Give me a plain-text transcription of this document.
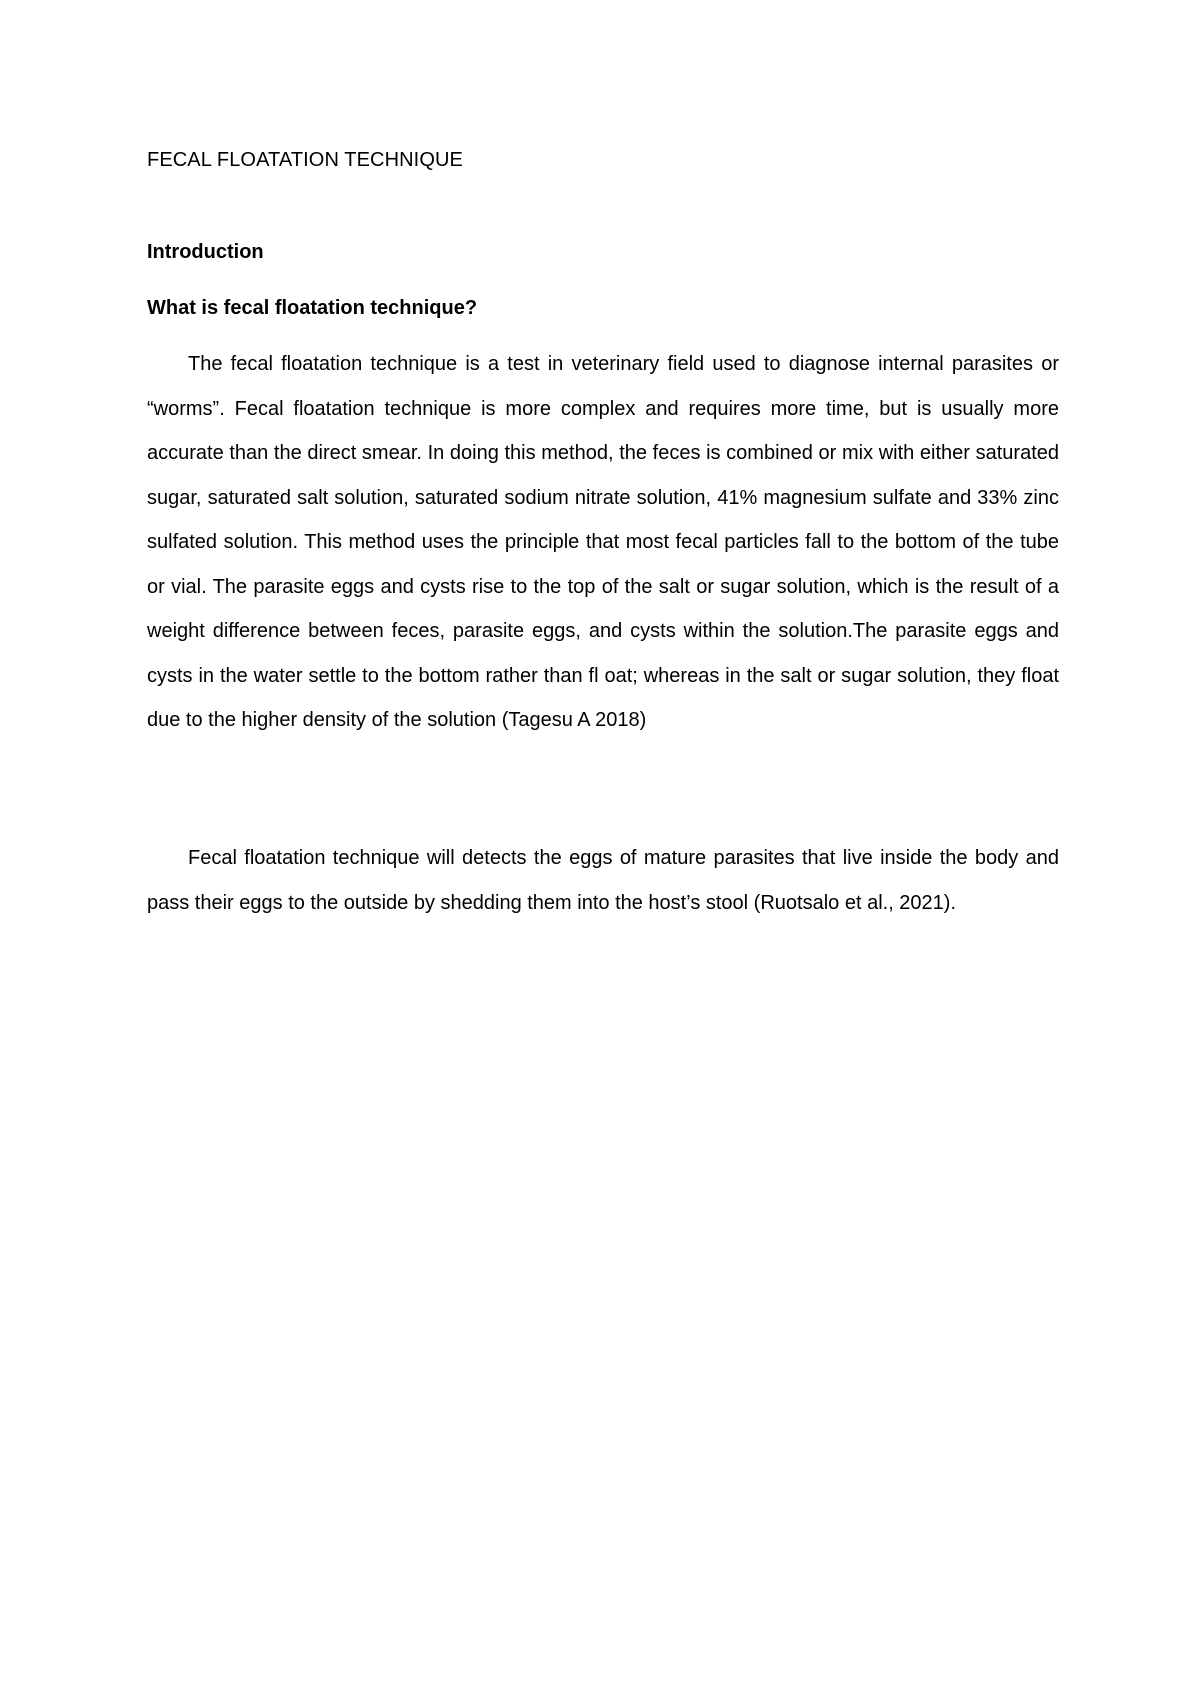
FECAL FLOATATION TECHNIQUE
Introduction
What is fecal floatation technique?

The fecal floatation technique is a test in veterinary field used to diagnose internal parasites or “worms”. Fecal floatation technique is more complex and requires more time, but is usually more accurate than the direct smear. In doing this method, the feces is combined or mix with either saturated sugar, saturated salt solution, saturated sodium nitrate solution, 41% magnesium sulfate and 33% zinc sulfated solution. This method uses the principle that most fecal particles fall to the bottom of the tube or vial. The parasite eggs and cysts rise to the top of the salt or sugar solution, which is the result of a weight difference between feces, parasite eggs, and cysts within the solution.The parasite eggs and cysts in the water settle to the bottom rather than fl oat; whereas in the salt or sugar solution, they float due to the higher density of the solution (Tagesu A 2018)

Fecal floatation technique will detects the eggs of mature parasites that live inside the body and pass their eggs to the outside by shedding them into the host’s stool (Ruotsalo et al., 2021).
